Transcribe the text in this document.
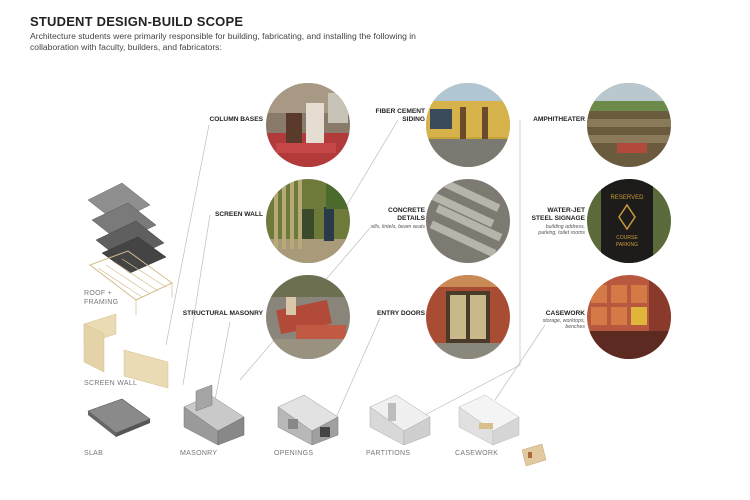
STUDENT DESIGN-BUILD SCOPE
Architecture students were primarily responsible for building, fabricating, and installing the following in collaboration with faculty, builders, and fabricators:
COLUMN BASES
SCREEN WALL
STRUCTURAL MASONRY
FIBER CEMENT
SIDING
CONCRETE
DETAILS
sills, lintels, beam seats
ENTRY DOORS
AMPHITHEATER
WATER-JET
STEEL SIGNAGE
building address,
parking, toilet rooms
CASEWORK
storage, worktops,
benches
RESERVED
COURSE
PARKING
ROOF +
FRAMING
SCREEN WALL
SLAB	MASONRY	OPENINGS	PARTITIONS	CASEWORK
